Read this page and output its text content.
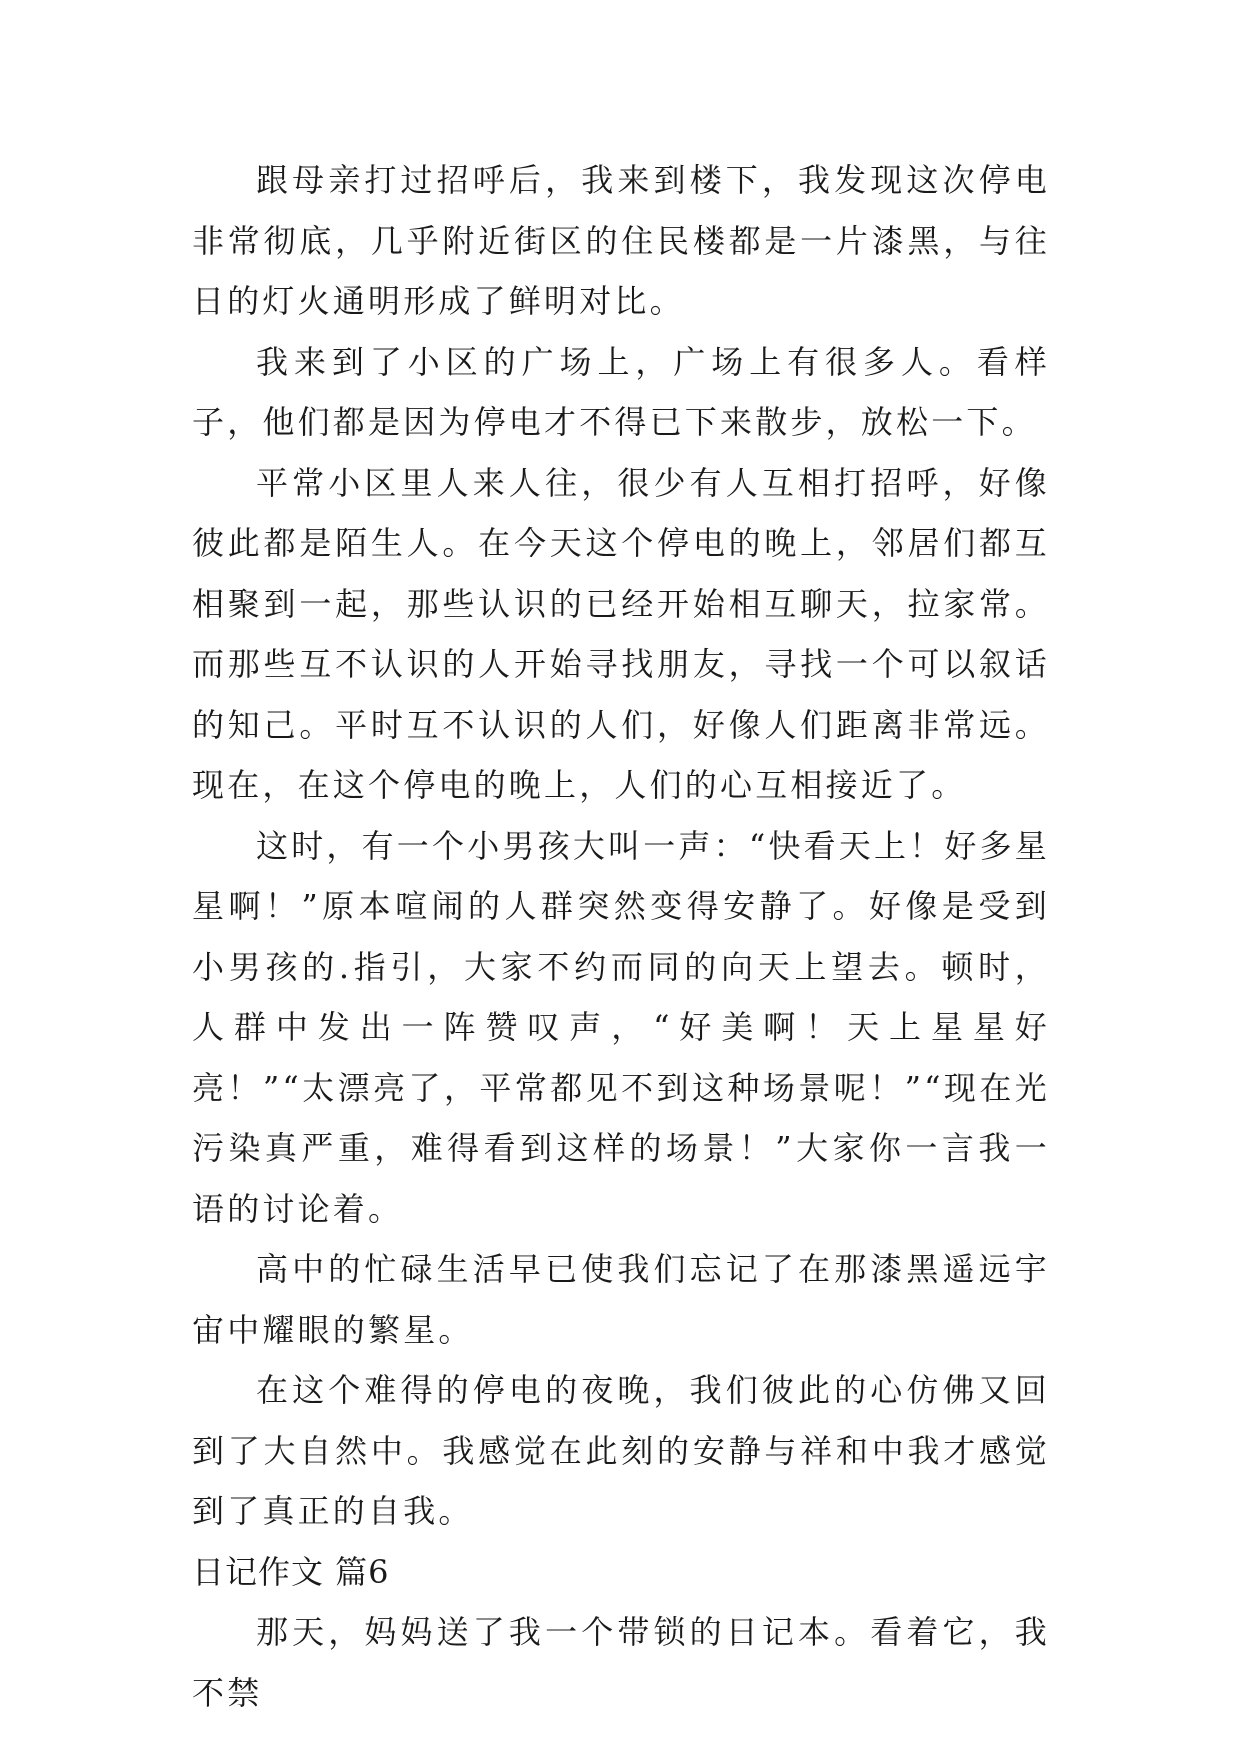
跟母亲打过招呼后，我来到楼下，我发现这次停电非常彻底，几乎附近街区的住民楼都是一片漆黑，与往日的灯火通明形成了鲜明对比。

我来到了小区的广场上，广场上有很多人。看样子，他们都是因为停电才不得已下来散步，放松一下。

平常小区里人来人往，很少有人互相打招呼，好像彼此都是陌生人。在今天这个停电的晚上，邻居们都互相聚到一起，那些认识的已经开始相互聊天，拉家常。而那些互不认识的人开始寻找朋友，寻找一个可以叙话的知己。平时互不认识的人们，好像人们距离非常远。现在，在这个停电的晚上，人们的心互相接近了。

这时，有一个小男孩大叫一声：“快看天上！好多星星啊！”原本喧闹的人群突然变得安静了。好像是受到小男孩的.指引，大家不约而同的向天上望去。顿时，人群中发出一阵赞叹声，“好美啊！天上星星好亮！”“太漂亮了，平常都见不到这种场景呢！”“现在光污染真严重，难得看到这样的场景！”大家你一言我一语的讨论着。

高中的忙碌生活早已使我们忘记了在那漆黑遥远宇宙中耀眼的繁星。

在这个难得的停电的夜晚，我们彼此的心仿佛又回到了大自然中。我感觉在此刻的安静与祥和中我才感觉到了真正的自我。

日记作文 篇6

那天，妈妈送了我一个带锁的日记本。看着它，我不禁
